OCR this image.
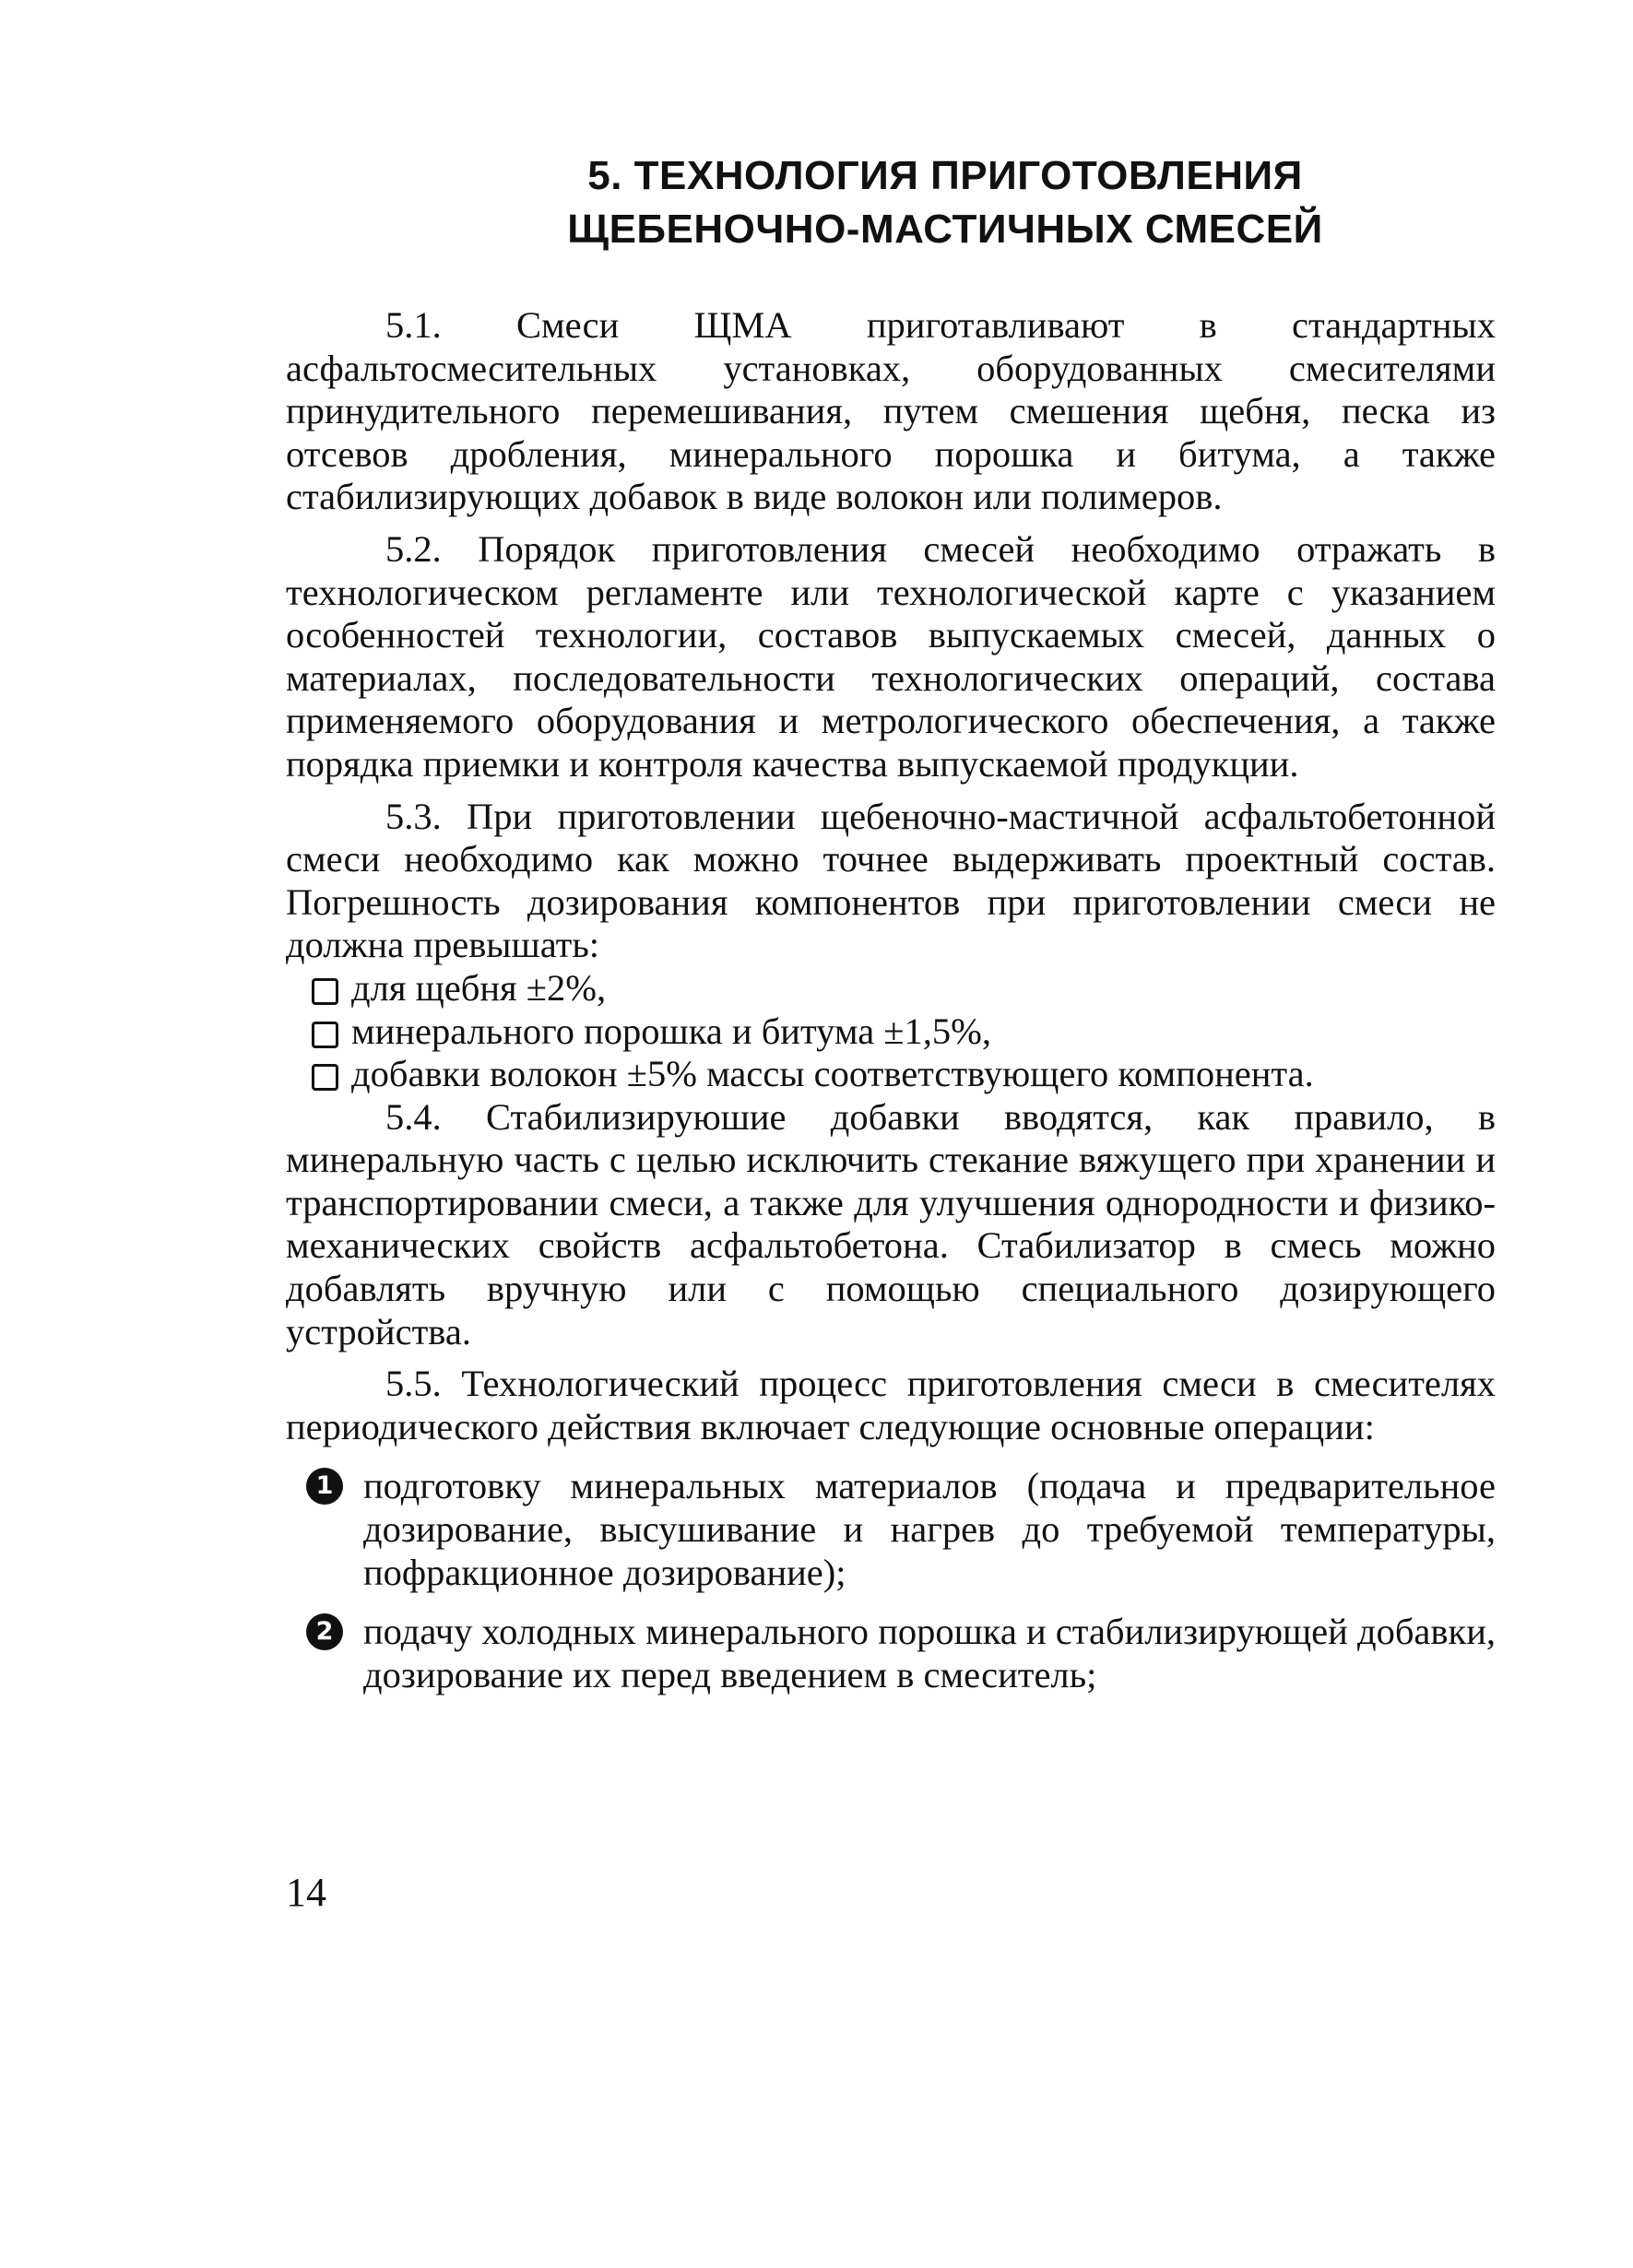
5. ТЕХНОЛОГИЯ ПРИГОТОВЛЕНИЯ
ЩЕБЕНОЧНО-МАСТИЧНЫХ СМЕСЕЙ

5.1. Смеси ЩМА приготавливают в стандартных асфальтосмесительных установках, оборудованных смесителями принудительного перемешивания, путем смешения щебня, песка из отсевов дробления, минерального порошка и битума, а также стабилизирующих добавок в виде волокон или полимеров.

5.2. Порядок приготовления смесей необходимо отражать в технологическом регламенте или технологической карте с указанием особенностей технологии, составов выпускаемых смесей, данных о материалах, последовательности технологических операций, состава применяемого оборудования и метрологического обеспечения, а также порядка приемки и контроля качества выпускаемой продукции.

5.3. При приготовлении щебеночно-мастичной асфальтобетонной смеси необходимо как можно точнее выдерживать проектный состав. Погрешность дозирования компонентов при приготовлении смеси не должна превышать:

для щебня ±2%,
минерального порошка и битума ±1,5%,
добавки волокон ±5% массы соответствующего компонента.

5.4. Стабилизируюшие добавки вводятся, как правило, в минеральную часть с целью исключить стекание вяжущего при хранении и транспортировании смеси, а также для улучшения однородности и физико-механических свойств асфальтобетона. Стабилизатор в смесь можно добавлять вручную или с помощью специального дозирующего устройства.

5.5. Технологический процесс приготовления смеси в смесителях периодического действия включает следующие основные операции:

1 подготовку минеральных материалов (подача и предварительное дозирование, высушивание и нагрев до требуемой температуры, пофракционное дозирование);
2 подачу холодных минерального порошка и стабилизирующей добавки, дозирование их перед введением в смеситель;
14
